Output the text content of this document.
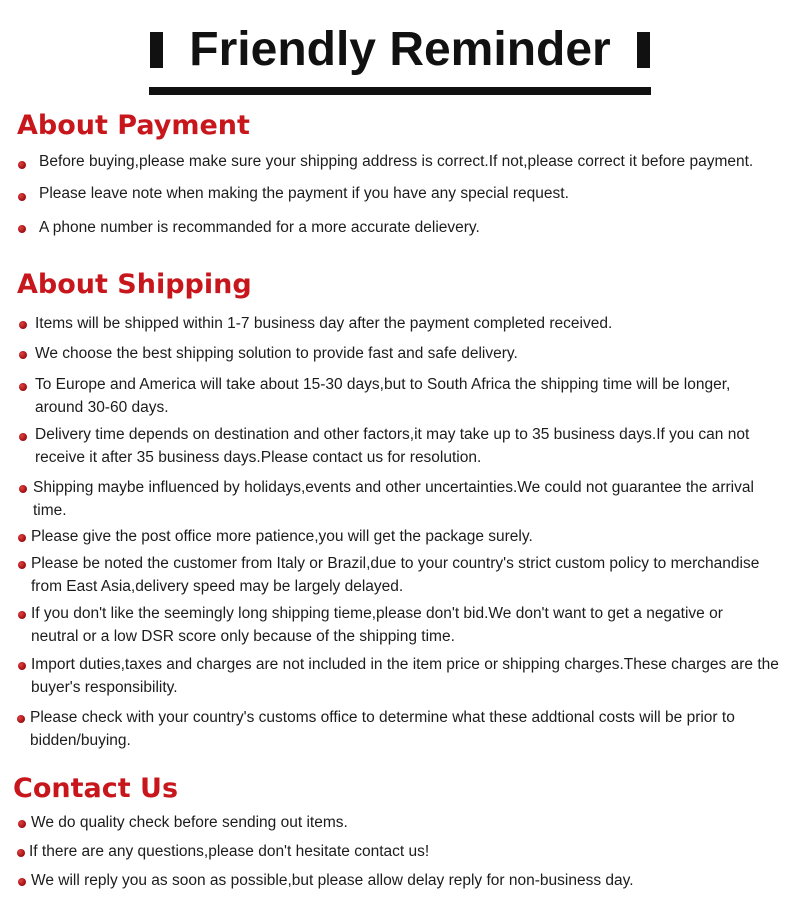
Friendly Reminder
About Payment
Before buying,please make sure your shipping address is correct.If not,please correct it before payment.
Please leave note when making the payment if you have any special request.
A phone number is recommanded for a more accurate delievery.
About Shipping
Items will be shipped within 1-7 business day after the payment completed received.
We choose the best shipping solution to provide fast and safe delivery.
To Europe and America will take about 15-30 days,but to South Africa the shipping time will be longer, around 30-60 days.
Delivery time depends on destination and other factors,it may take up to 35 business days.If you can not receive it after 35 business days.Please contact us for resolution.
Shipping maybe influenced by holidays,events and other uncertainties.We could not guarantee the arrival time.
Please give the post office more patience,you will get the package surely.
Please be noted the customer from Italy or Brazil,due to your country's strict custom policy to merchandise from East Asia,delivery speed may be largely delayed.
If you don't like the seemingly long shipping tieme,please don't bid.We don't want to get a negative or neutral or a low DSR score only because of the shipping time.
Import duties,taxes and charges are not included in the item price or shipping charges.These charges are the buyer's responsibility.
Please check with your country's customs office to determine what these addtional costs will be prior to bidden/buying.
Contact Us
We do quality check before sending out items.
If there are any questions,please don't hesitate contact us!
We will reply you as soon as possible,but please allow delay reply for non-business day.
